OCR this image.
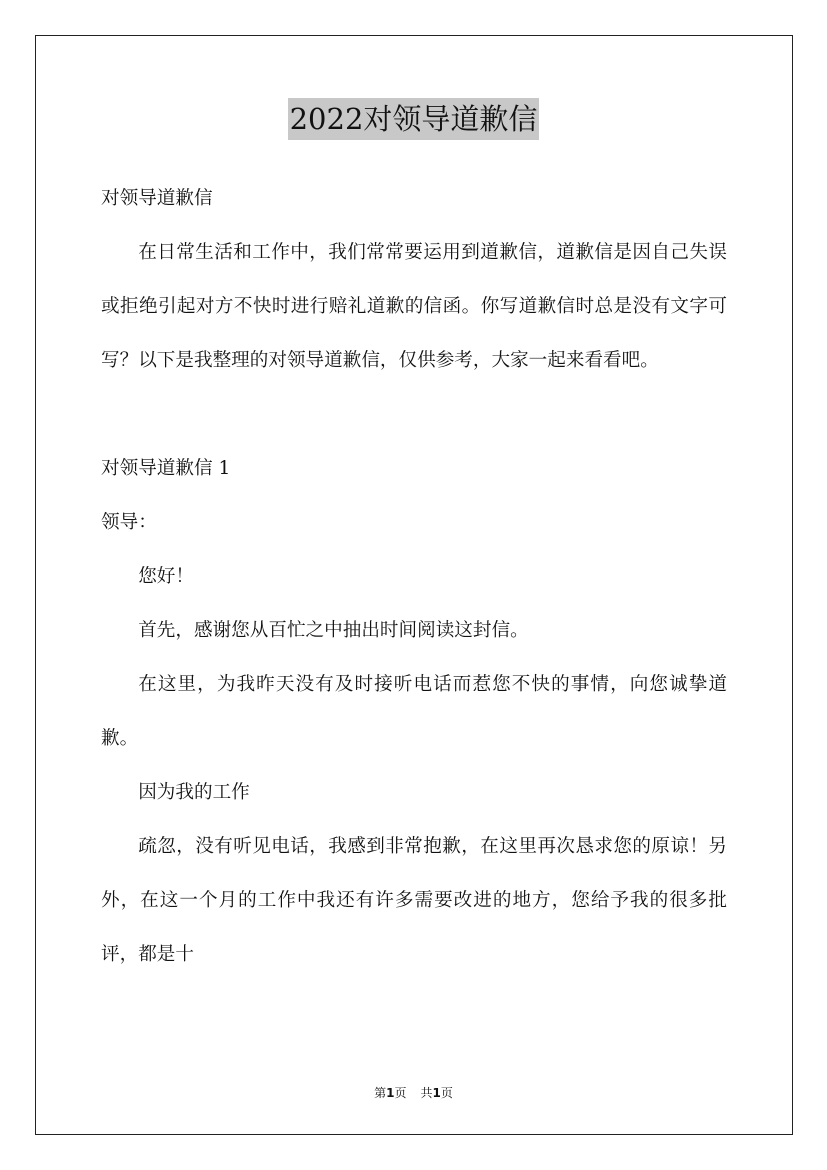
2022对领导道歉信

对领导道歉信

在日常生活和工作中，我们常常要运用到道歉信，道歉信是因自己失误或拒绝引起对方不快时进行赔礼道歉的信函。你写道歉信时总是没有文字可写？以下是我整理的对领导道歉信，仅供参考，大家一起来看看吧。

对领导道歉信 1

领导：

您好！

首先，感谢您从百忙之中抽出时间阅读这封信。

在这里，为我昨天没有及时接听电话而惹您不快的事情，向您诚挚道歉。

因为我的工作

疏忽，没有听见电话，我感到非常抱歉，在这里再次恳求您的原谅！另外，在这一个月的工作中我还有许多需要改进的地方，您给予我的很多批评，都是十

第1页 共1页
